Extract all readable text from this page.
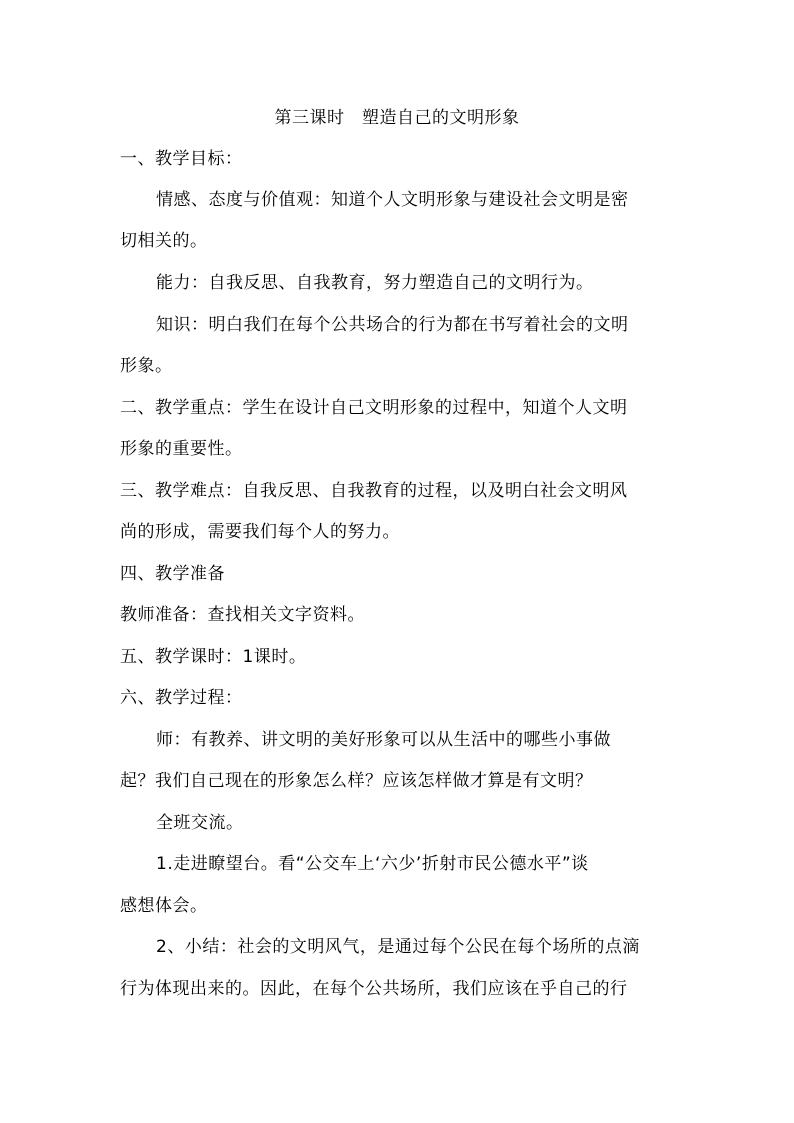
第三课时　塑造自己的文明形象
一、教学目标：
情感、态度与价值观：知道个人文明形象与建设社会文明是密
切相关的。
能力：自我反思、自我教育，努力塑造自己的文明行为。
知识：明白我们在每个公共场合的行为都在书写着社会的文明
形象。
二、教学重点：学生在设计自己文明形象的过程中，知道个人文明
形象的重要性。
三、教学难点：自我反思、自我教育的过程，以及明白社会文明风
尚的形成，需要我们每个人的努力。
四、教学准备
教师准备：查找相关文字资料。
五、教学课时：1课时。
六、教学过程：
师：有教养、讲文明的美好形象可以从生活中的哪些小事做
起？我们自己现在的形象怎么样？应该怎样做才算是有文明？
全班交流。
1.走进瞭望台。看“公交车上‘六少’折射市民公德水平”谈
感想体会。
2、小结：社会的文明风气，是通过每个公民在每个场所的点滴
行为体现出来的。因此，在每个公共场所，我们应该在乎自己的行
